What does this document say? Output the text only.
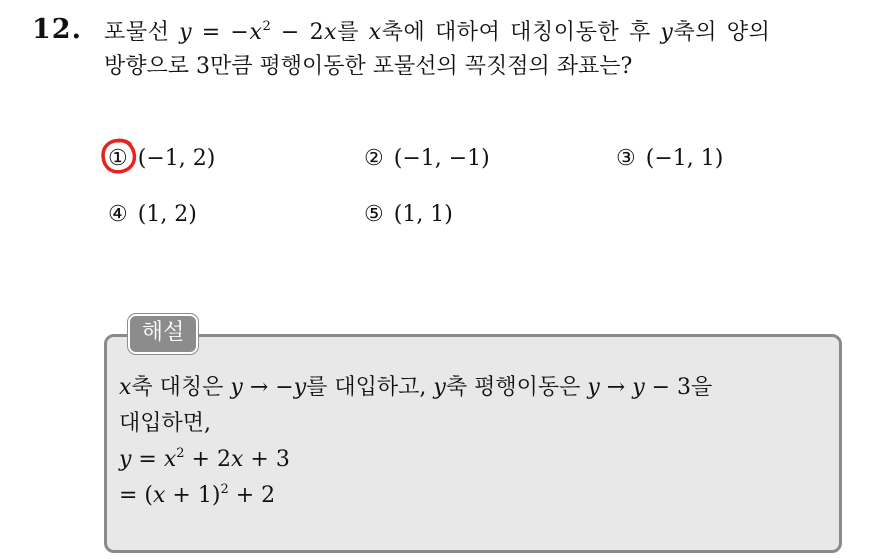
12. 포물선 $y = -x^2 - 2x$를 x축에 대하여 대칭이동한 후 y축의 양의
방향으로 3만큼 평행이동한 포물선의 꼭짓점의 좌표는?
① (−1, 2)	② (−1, −1)	③ (−1, 1)
④ (1, 2)	⑤ (1, 1)
해설
x축 대칭은 y → −y를 대입하고, y축 평행이동은 y → y − 3을
대입하면,
$y = x^2 + 2x + 3$
= $(x + 1)^2 + 2$
